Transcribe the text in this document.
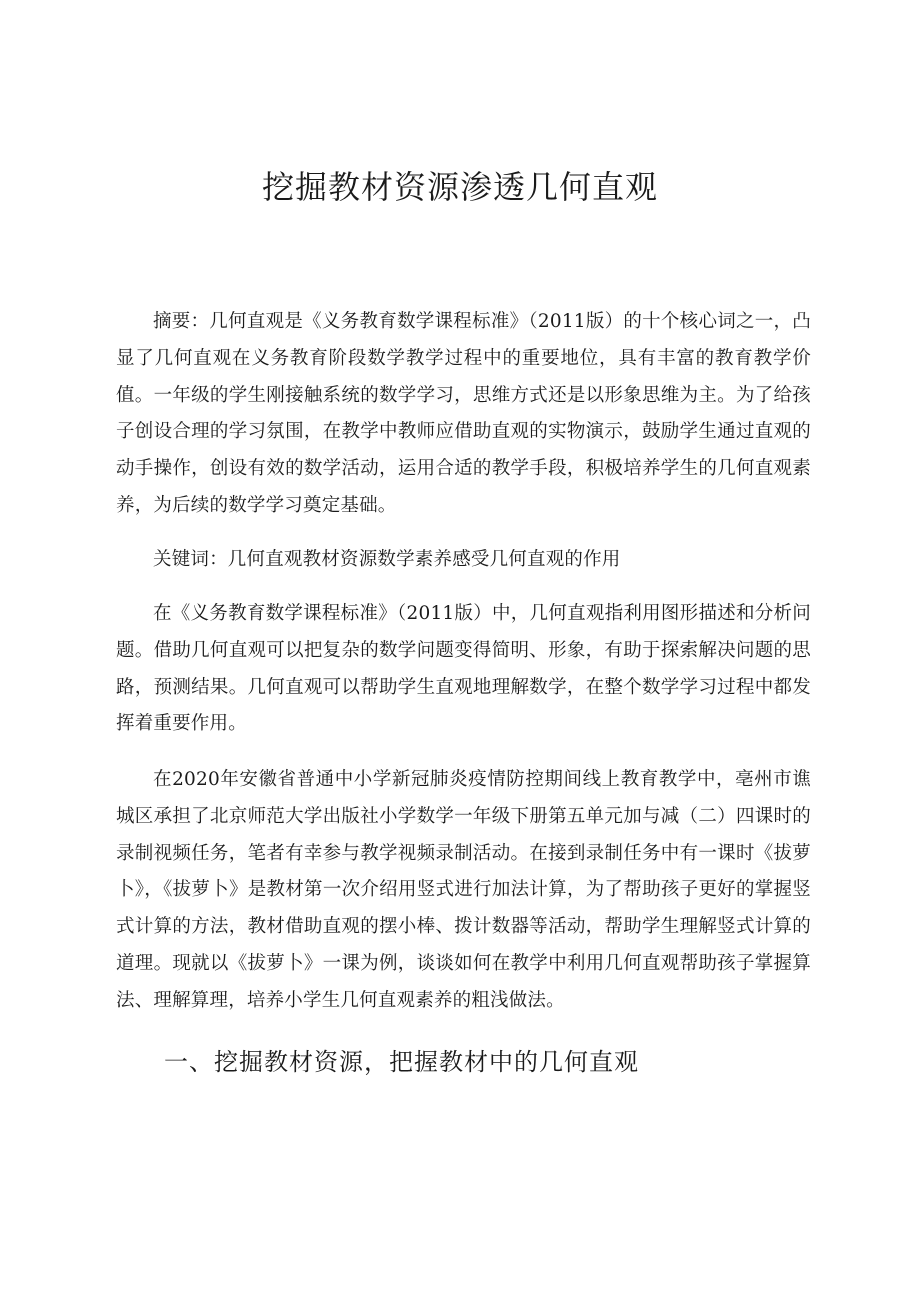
挖掘教材资源渗透几何直观

摘要：几何直观是《义务教育数学课程标准》（2011版）的十个核心词之一，凸显了几何直观在义务教育阶段数学教学过程中的重要地位，具有丰富的教育教学价值。一年级的学生刚接触系统的数学学习，思维方式还是以形象思维为主。为了给孩子创设合理的学习氛围，在教学中教师应借助直观的实物演示，鼓励学生通过直观的动手操作，创设有效的数学活动，运用合适的教学手段，积极培养学生的几何直观素养，为后续的数学学习奠定基础。

关键词：几何直观教材资源数学素养感受几何直观的作用

在《义务教育数学课程标准》（2011版）中，几何直观指利用图形描述和分析问题。借助几何直观可以把复杂的数学问题变得简明、形象，有助于探索解决问题的思路，预测结果。几何直观可以帮助学生直观地理解数学，在整个数学学习过程中都发挥着重要作用。

在2020年安徽省普通中小学新冠肺炎疫情防控期间线上教育教学中，亳州市谯城区承担了北京师范大学出版社小学数学一年级下册第五单元加与减（二）四课时的录制视频任务，笔者有幸参与教学视频录制活动。在接到录制任务中有一课时《拔萝卜》，《拔萝卜》是教材第一次介绍用竖式进行加法计算，为了帮助孩子更好的掌握竖式计算的方法，教材借助直观的摆小棒、拨计数器等活动，帮助学生理解竖式计算的道理。现就以《拔萝卜》一课为例，谈谈如何在教学中利用几何直观帮助孩子掌握算法、理解算理，培养小学生几何直观素养的粗浅做法。

一、挖掘教材资源，把握教材中的几何直观
